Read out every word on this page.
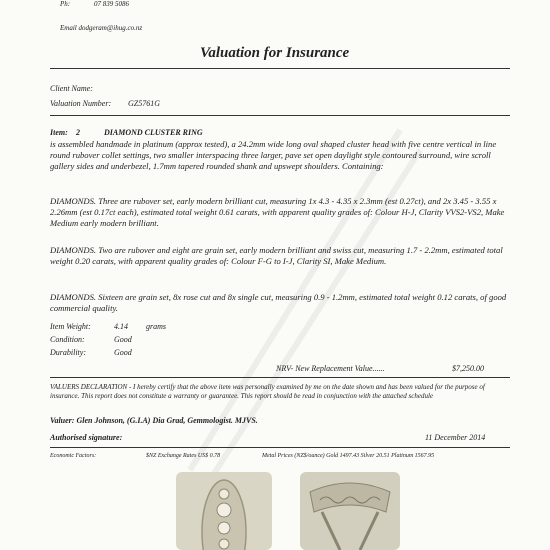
Ph:	07 839 5086
Email dodgeram@ihug.co.nz
Valuation for Insurance
Client Name:
Valuation Number: GZ5761G
Item: 2	DIAMOND CLUSTER RING
is assembled handmade in platinum (approx tested), a 24.2mm wide long oval shaped cluster head with five centre vertical in line round rubover collet settings, two smaller interspacing three larger, pave set open daylight style contoured surround, wire scroll gallery sides and underbezel, 1.7mm tapered rounded shank and upswept shoulders. Containing:
DIAMONDS. Three are rubover set, early modern brilliant cut, measuring 1x 4.3 - 4.35 x 2.3mm (est 0.27ct), and 2x 3.45 - 3.55 x 2.26mm (est 0.17ct each), estimated total weight 0.61 carats, with apparent quality grades of: Colour H-J, Clarity VVS2-VS2, Make Medium early modern brilliant.
DIAMONDS. Two are rubover and eight are grain set, early modern brilliant and swiss cut, measuring 1.7 - 2.2mm, estimated total weight 0.20 carats, with apparent quality grades of: Colour F-G to I-J, Clarity SI, Make Medium.
DIAMONDS. Sixteen are grain set, 8x rose cut and 8x single cut, measuring 0.9 - 1.2mm, estimated total weight 0.12 carats, of good commercial quality.
Item Weight:	4.14 grams
Condition:	Good
Durability:	Good
NRV- New Replacement Value......	$7,250.00
VALUERS DECLARATION - I hereby certify that the above item was personally examined by me on the date shown and has been valued for the purpose of insurance. This report does not constitute a warranty or guarantee. This report should be read in conjunction with the attached schedule
Valuer: Glen Johnson, (G.I.A) Dia Grad, Gemmologist. MJVS.
Authorised signature:	11 December 2014
Economic Factors:	$NZ Exchange Rates US$ 0.78	Metal Prices (NZ$/ounce) Gold 1497.43 Silver 20.51 Platinum 1567.95
